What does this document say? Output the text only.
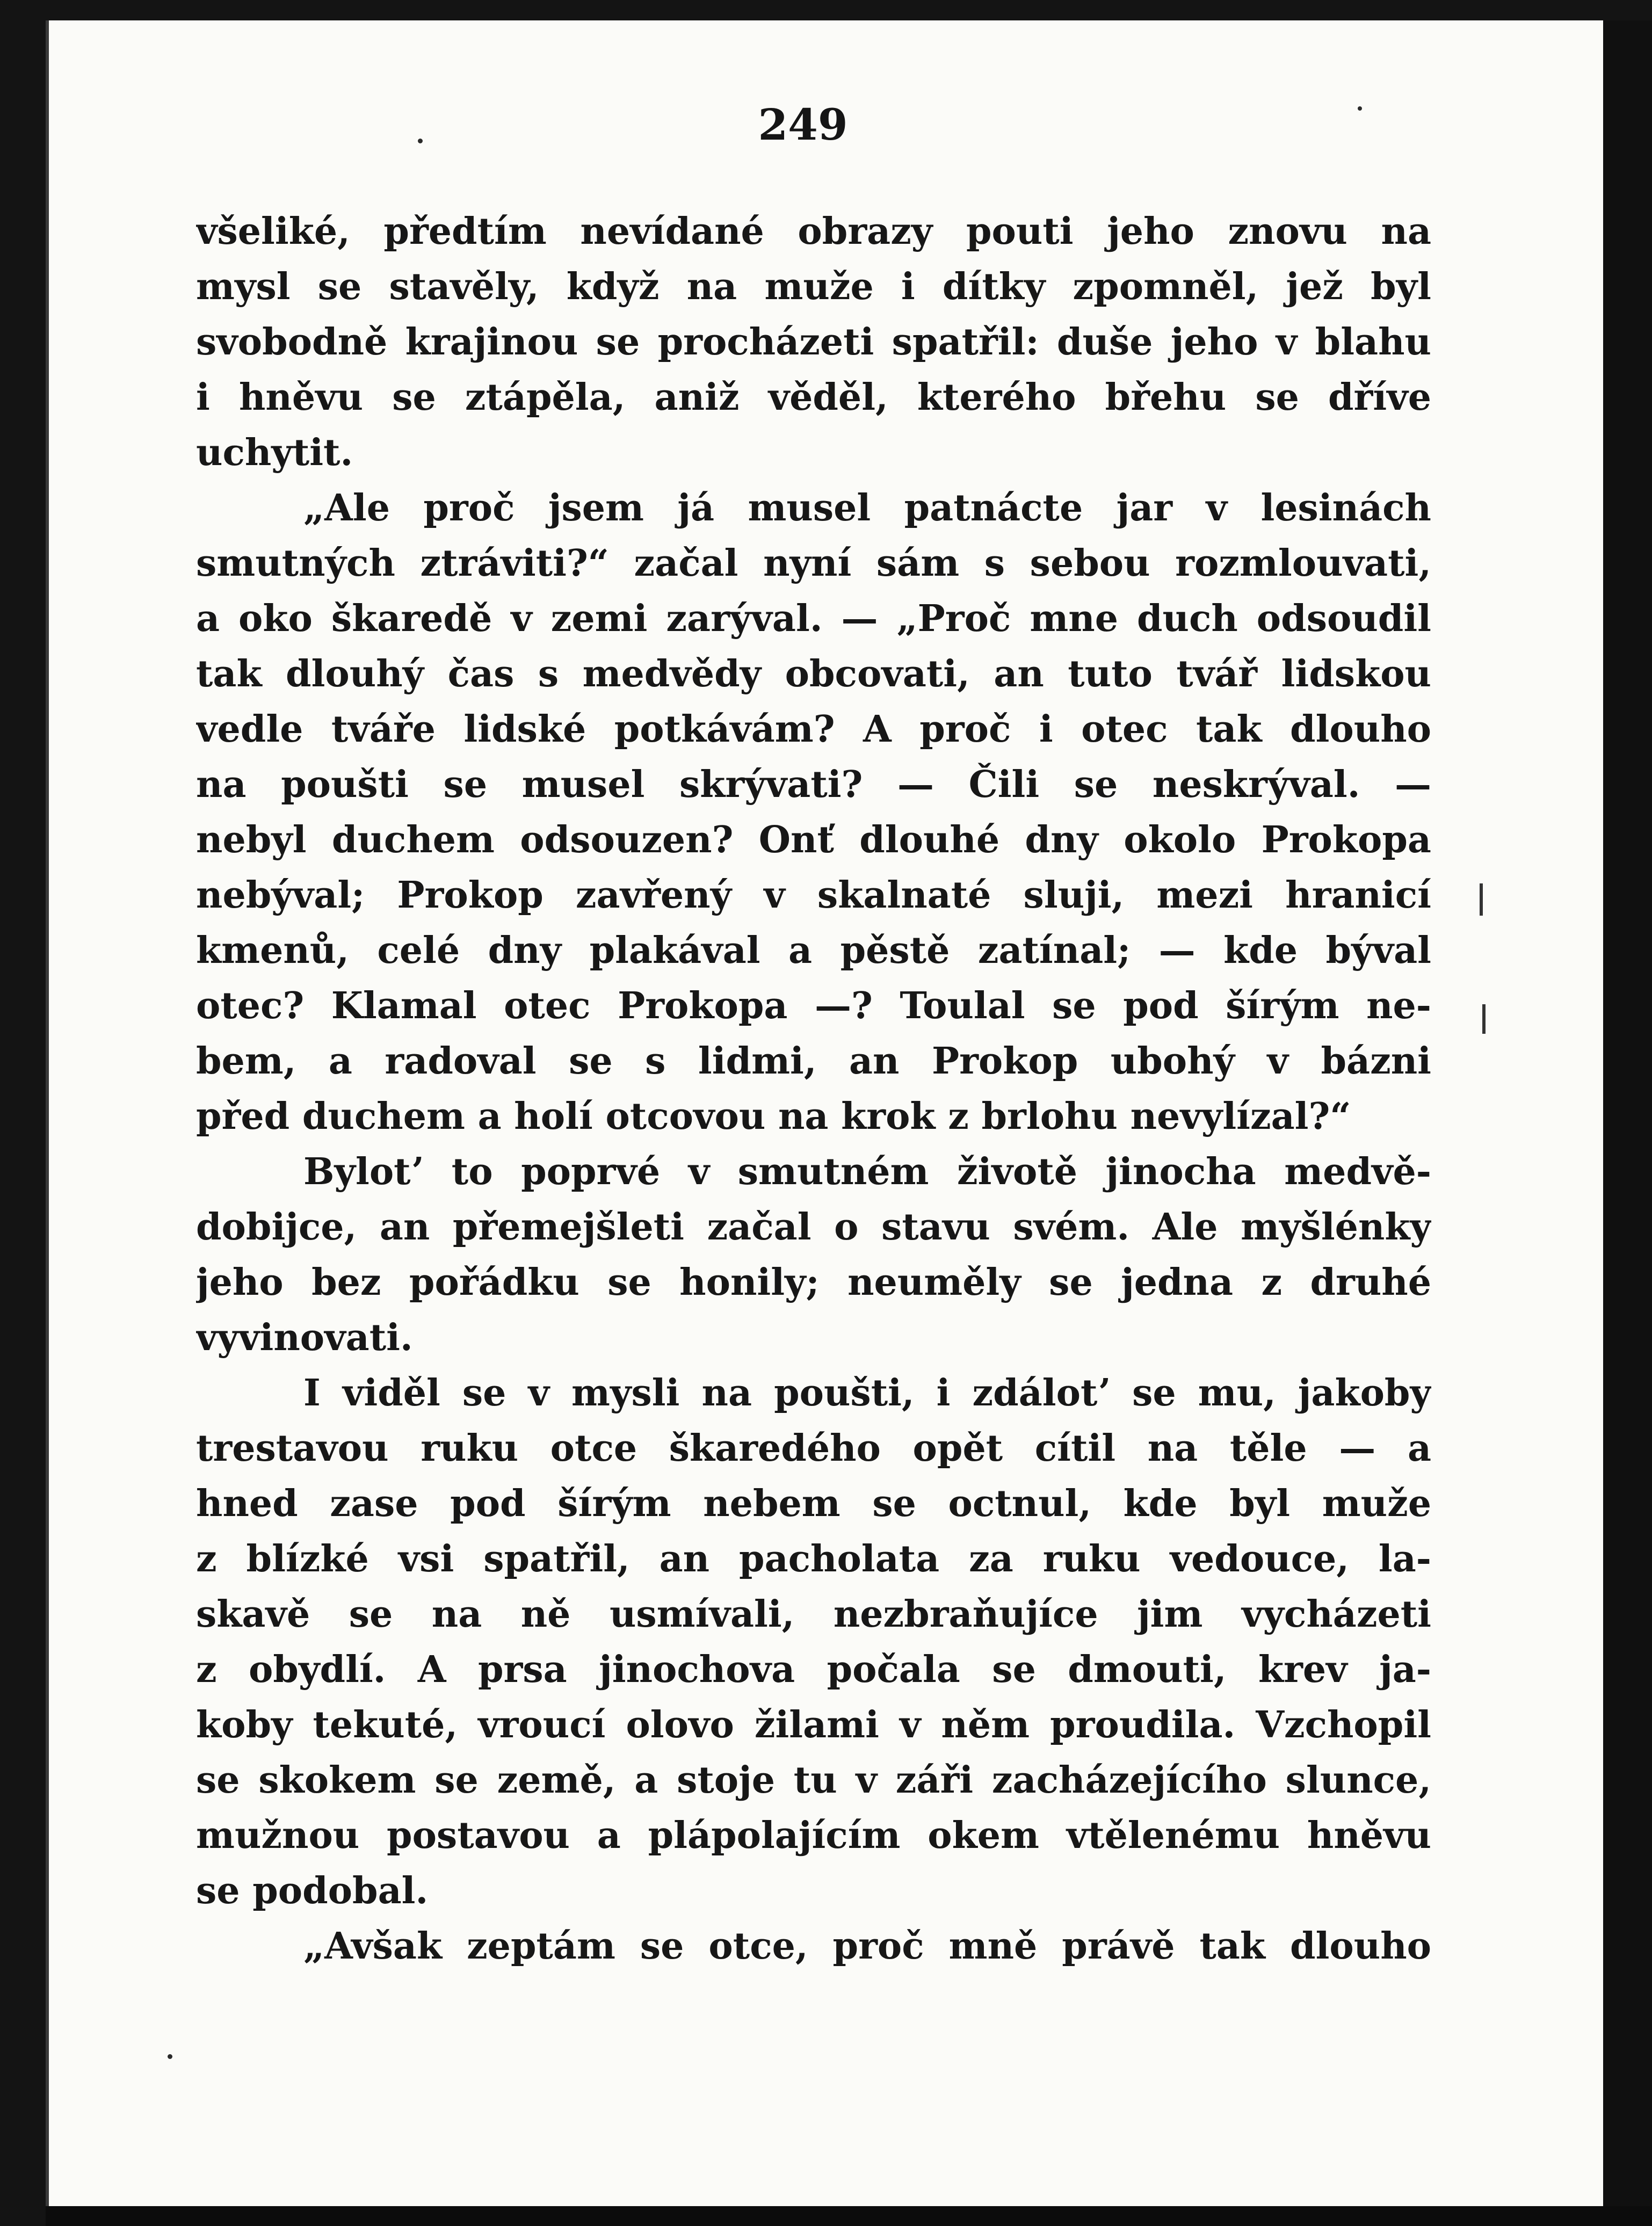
249
všeliké, předtím nevídané obrazy pouti jeho znovu na
mysl se stavěly, když na muže i dítky zpomněl, jež byl
svobodně krajinou se procházeti spatřil: duše jeho v blahu
i hněvu se ztápěla, aniž věděl, kterého břehu se dříve
uchytit.
„Ale proč jsem já musel patnácte jar v lesinách
smutných ztráviti?“ začal nyní sám s sebou rozmlouvati,
a oko škaredě v zemi zarýval. — „Proč mne duch odsoudil
tak dlouhý čas s medvědy obcovati, an tuto tvář lidskou
vedle tváře lidské potkávám? A proč i otec tak dlouho
na poušti se musel skrývati? — Čili se neskrýval. —
nebyl duchem odsouzen? Onť dlouhé dny okolo Prokopa
nebýval; Prokop zavřený v skalnaté sluji, mezi hranicí
kmenů, celé dny plakával a pěstě zatínal; — kde býval
otec? Klamal otec Prokopa —? Toulal se pod šírým ne-
bem, a radoval se s lidmi, an Prokop ubohý v bázni
před duchem a holí otcovou na krok z brlohu nevylízal?“
Bylotʼ to poprvé v smutném životě jinocha medvě-
dobijce, an přemejšleti začal o stavu svém. Ale myšlénky
jeho bez pořádku se honily; neuměly se jedna z druhé
vyvinovati.
I viděl se v mysli na poušti, i zdálotʼ se mu, jakoby
trestavou ruku otce škaredého opět cítil na těle — a
hned zase pod šírým nebem se octnul, kde byl muže
z blízké vsi spatřil, an pacholata za ruku vedouce, la-
skavě se na ně usmívali, nezbraňujíce jim vycházeti
z obydlí. A prsa jinochova počala se dmouti, krev ja-
koby tekuté, vroucí olovo žilami v něm proudila. Vzchopil
se skokem se země, a stoje tu v záři zacházejícího slunce,
mužnou postavou a plápolajícím okem vtělenému hněvu
se podobal.
„Avšak zeptám se otce, proč mně právě tak dlouho
